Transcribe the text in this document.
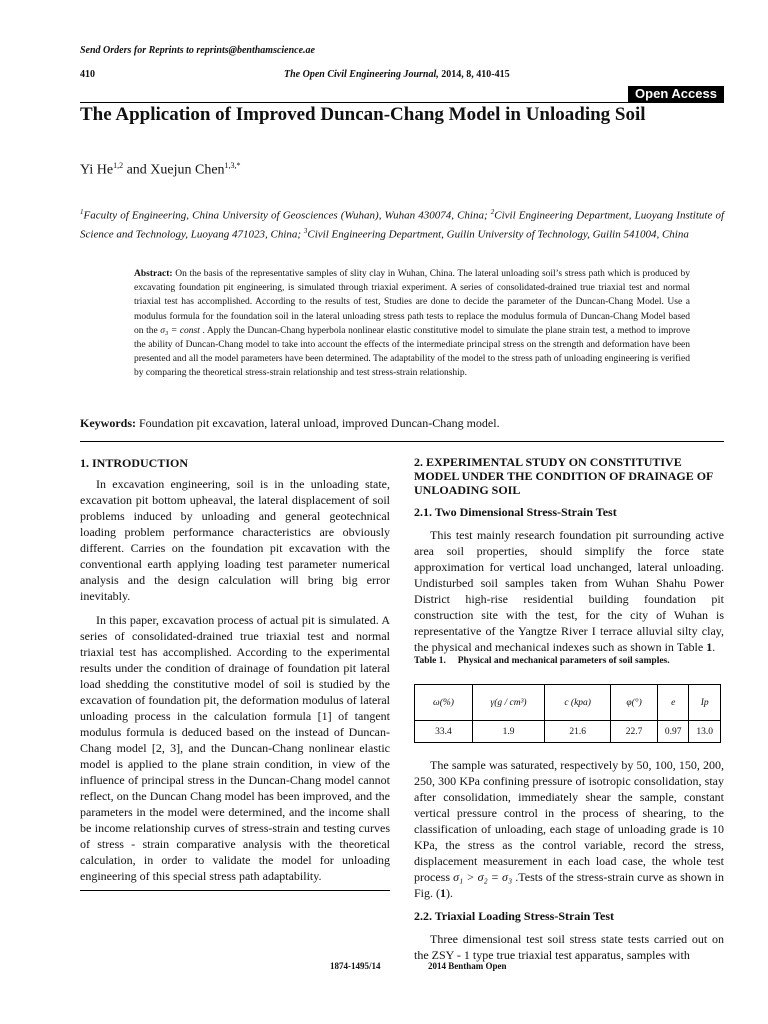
Send Orders for Reprints to reprints@benthamscience.ae
410	The Open Civil Engineering Journal, 2014, 8, 410-415
Open Access
The Application of Improved Duncan-Chang Model in Unloading Soil
Yi He$^{1,2}$ and Xuejun Chen$^{1,3,*}$
$^1$Faculty of Engineering, China University of Geosciences (Wuhan), Wuhan 430074, China; $^2$Civil Engineering Department, Luoyang Institute of Science and Technology, Luoyang 471023, China; $^3$Civil Engineering Department, Guilin University of Technology, Guilin 541004, China
Abstract: On the basis of the representative samples of slity clay in Wuhan, China. The lateral unloading soil’s stress path which is produced by excavating foundation pit engineering, is simulated through triaxial experiment. A series of consolidated-drained true triaxial test and normal triaxial test has accomplished. According to the results of test, Studies are done to decide the parameter of the Duncan-Chang Model. Use a modulus formula for the foundation soil in the lateral unloading stress path tests to replace the modulus formula of Duncan-Chang Model based on the σ₃ = const . Apply the Duncan-Chang hyperbola nonlinear elastic constitutive model to simulate the plane strain test, a method to improve the ability of Duncan-Chang model to take into account the effects of the intermediate principal stress on the strength and deformation have been presented and all the model parameters have been determined. The adaptability of the model to the stress path of unloading engineering is verified by comparing the theoretical stress-strain relationship and test stress-strain relationship.
Keywords: Foundation pit excavation, lateral unload, improved Duncan-Chang model.
1. INTRODUCTION

In excavation engineering, soil is in the unloading state, excavation pit bottom upheaval, the lateral displacement of soil problems induced by unloading and general geotechnical loading problem performance characteristics are obviously different. Carries on the foundation pit excavation with the conventional earth applying loading test parameter numerical analysis and the design calculation will bring big error inevitably.

In this paper, excavation process of actual pit is simulated. A series of consolidated-drained true triaxial test and normal triaxial test has accomplished. According to the experimental results under the condition of drainage of foundation pit lateral load shedding the constitutive model of soil is studied by the excavation of foundation pit, the deformation modulus of lateral unloading process in the calculation formula [1] of tangent modulus formula is deduced based on the instead of Duncan-Chang model [2, 3], and the Duncan-Chang nonlinear elastic model is applied to the plane strain condition, in view of the influence of principal stress in the Duncan-Chang model cannot reflect, on the Duncan Chang model has been improved, and the parameters in the model were determined, and the income shall be income relationship curves of stress-strain and testing curves of stress - strain comparative analysis with the theoretical calculation, in order to validate the model for unloading engineering of this special stress path adaptability.

2. EXPERIMENTAL STUDY ON CONSTITUTIVE MODEL UNDER THE CONDITION OF DRAINAGE OF UNLOADING SOIL
2.1. Two Dimensional Stress-Strain Test

This test mainly research foundation pit surrounding active area soil properties, should simplify the force state approximation for vertical load unchanged, lateral unloading. Undisturbed soil samples taken from Wuhan Shahu Power District high-rise residential building foundation pit construction site with the test, for the city of Wuhan is representative of the Yangtze River I terrace alluvial silty clay, the physical and mechanical indexes such as shown in Table 1.

Table 1. Physical and mechanical parameters of soil samples.
ω(%)	γ(g / cm³)	c (kpa)	φ(°)	e	Ip
33.4	1.9	21.6	22.7	0.97	13.0

The sample was saturated, respectively by 50, 100, 150, 200, 250, 300 KPa confining pressure of isotropic consolidation, stay after consolidation, immediately shear the sample, constant vertical pressure control in the process of shearing, to the classification of unloading, each stage of unloading grade is 10 KPa, the stress as the control variable, record the stress, displacement measurement in each load case, the whole test process σ₁ > σ₂ = σ₃ .Tests of the stress-strain curve as shown in Fig. (1).

2.2. Triaxial Loading Stress-Strain Test

Three dimensional test soil stress state tests carried out on the ZSY - 1 type true triaxial test apparatus, samples with

1874-1495/14	2014 Bentham Open
